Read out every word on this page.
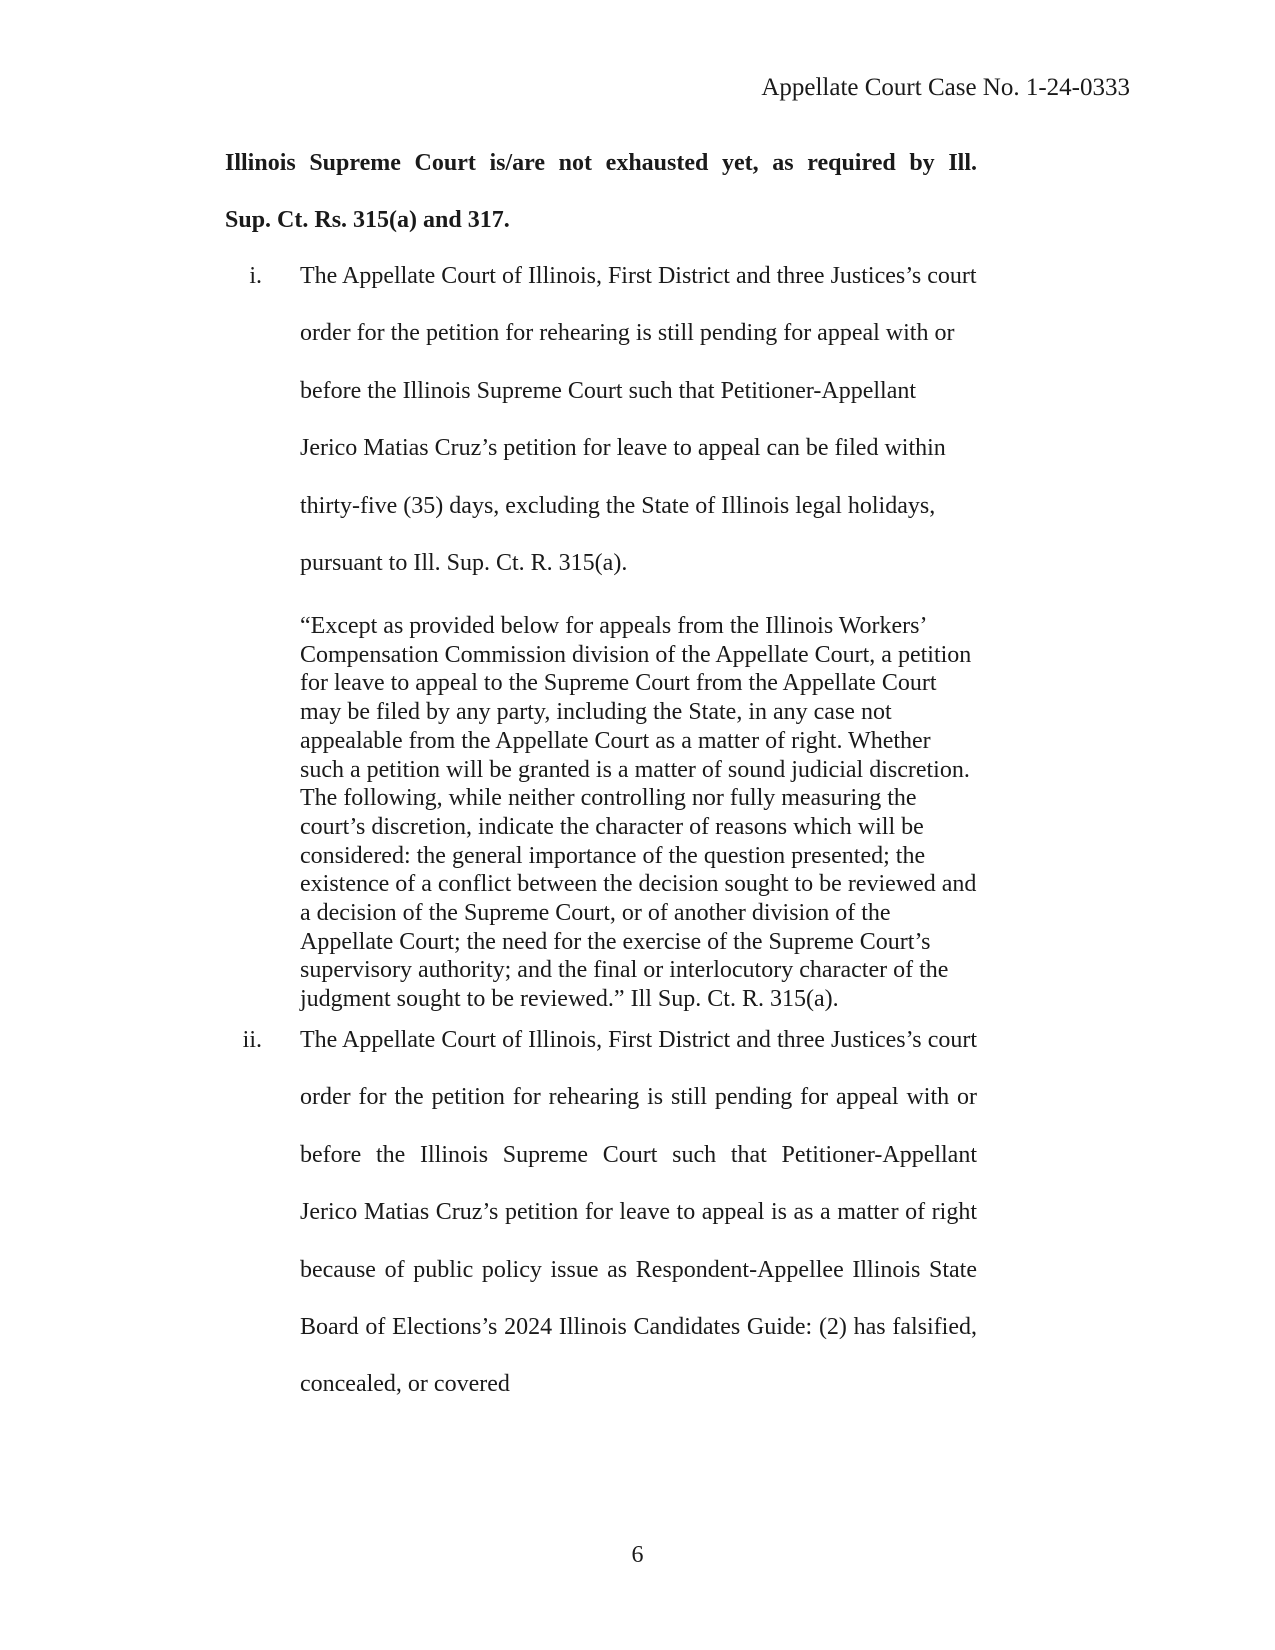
Appellate Court Case No. 1-24-0333
Illinois Supreme Court is/are not exhausted yet, as required by Ill.
Sup. Ct. Rs. 315(a) and 317.
i. The Appellate Court of Illinois, First District and three Justices’s court order for the petition for rehearing is still pending for appeal with or before the Illinois Supreme Court such that Petitioner-Appellant Jerico Matias Cruz’s petition for leave to appeal can be filed within thirty-five (35) days, excluding the State of Illinois legal holidays, pursuant to Ill. Sup. Ct. R. 315(a).
“Except as provided below for appeals from the Illinois Workers’ Compensation Commission division of the Appellate Court, a petition for leave to appeal to the Supreme Court from the Appellate Court may be filed by any party, including the State, in any case not appealable from the Appellate Court as a matter of right. Whether such a petition will be granted is a matter of sound judicial discretion. The following, while neither controlling nor fully measuring the court’s discretion, indicate the character of reasons which will be considered: the general importance of the question presented; the existence of a conflict between the decision sought to be reviewed and a decision of the Supreme Court, or of another division of the Appellate Court; the need for the exercise of the Supreme Court’s supervisory authority; and the final or interlocutory character of the judgment sought to be reviewed.” Ill Sup. Ct. R. 315(a).
ii. The Appellate Court of Illinois, First District and three Justices’s court order for the petition for rehearing is still pending for appeal with or before the Illinois Supreme Court such that Petitioner-Appellant Jerico Matias Cruz’s petition for leave to appeal is as a matter of right because of public policy issue as Respondent-Appellee Illinois State Board of Elections’s 2024 Illinois Candidates Guide: (2) has falsified, concealed, or covered
6
